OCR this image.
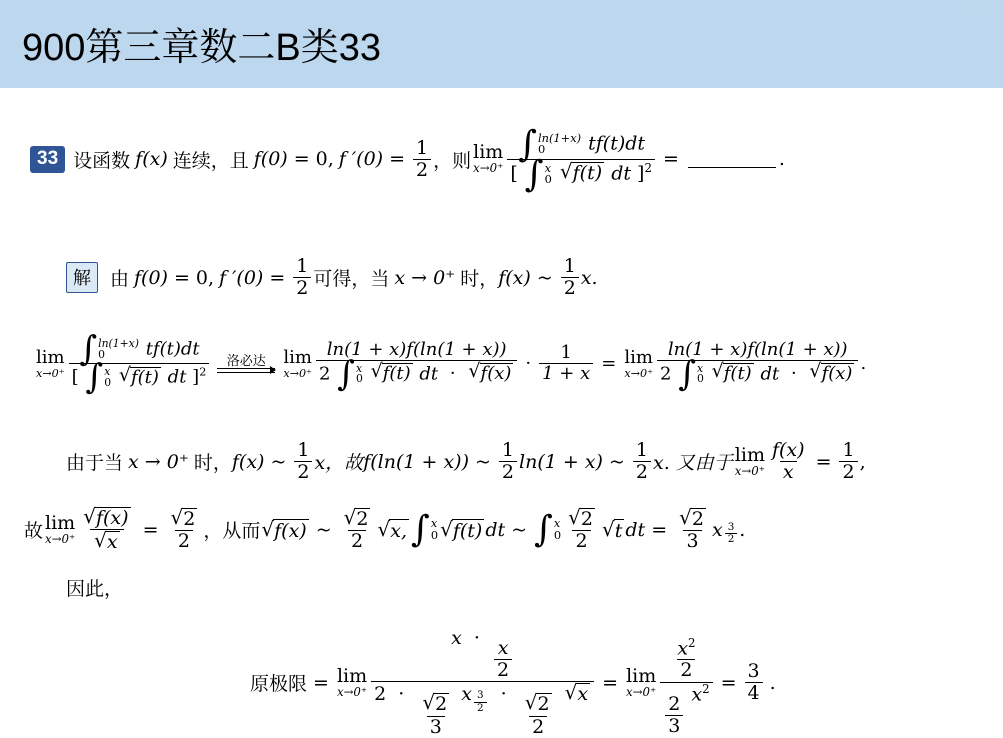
216
900第三章数二B类33
33 设函数 f(x) 连续，且 f(0) = 0, f $'(0) = \frac{1}{2}$ ，则 lim
x→0⁺
∫ ln(1+x)
0	tf(t)dt
[ ∫ x
0 √ f(t) dt ]$^2$ =	.
解	由 f(0) = 0, f $'(0) = \frac{1}{2}$ 可得，当 x → 0⁺ 时， f(x) ~ $\frac{1}{2} x$.
lim
x→0⁺
∫ ln(1+x)
0	tf(t)dt
[ ∫ x
0 √ f(t) dt ]$^2$
洛必达 lim
x→0⁺
ln(1 + x)f(ln(1 + x))
2 ∫ x
0 √ f(t) dt · √ $f(x) \cdot \frac{1}{1 + x} = \lim$
x→0⁺
ln(1 + x)f(ln(1 + x))
2 ∫ x
0 √ f(t) dt · √ f(x) .
由于当 x → 0⁺ 时， f(x) ~ $\frac{1}{2}$ x，故 f(ln(1 + x)) ~ $\frac{1}{2} \ln(1 + x)$ ~ $\frac{1}{2} x$. 又由于 lim
$x\to 0^+ \frac{f(x)}{x} = \frac{1}{2}$ ,
故 lim
x→0⁺ √ f(x)
√ x = √ $\frac{2}{2}$ ，从而 √ f(x) ~ √ $\frac{2}{2}$ √ x, ∫ x
0 √ f(t) dt ~ ∫ x
0 √ $\frac{2}{2}$ √ t dt = √ $\frac{2}{3}$ x $\frac{3}{2}$ .
因此，
原极限 = lim
x→0⁺
$x \cdot \frac{x}{2}$
2 · √ $\frac{2}{3}$ x $^{\frac{3}{2}}$ · √ $\frac{2}{2}$ √ x
= lim
$x\to 0^+ \frac{\frac{x^2}{2}}{\frac{2}{3} x^2} = \frac{3}{4}$ .
